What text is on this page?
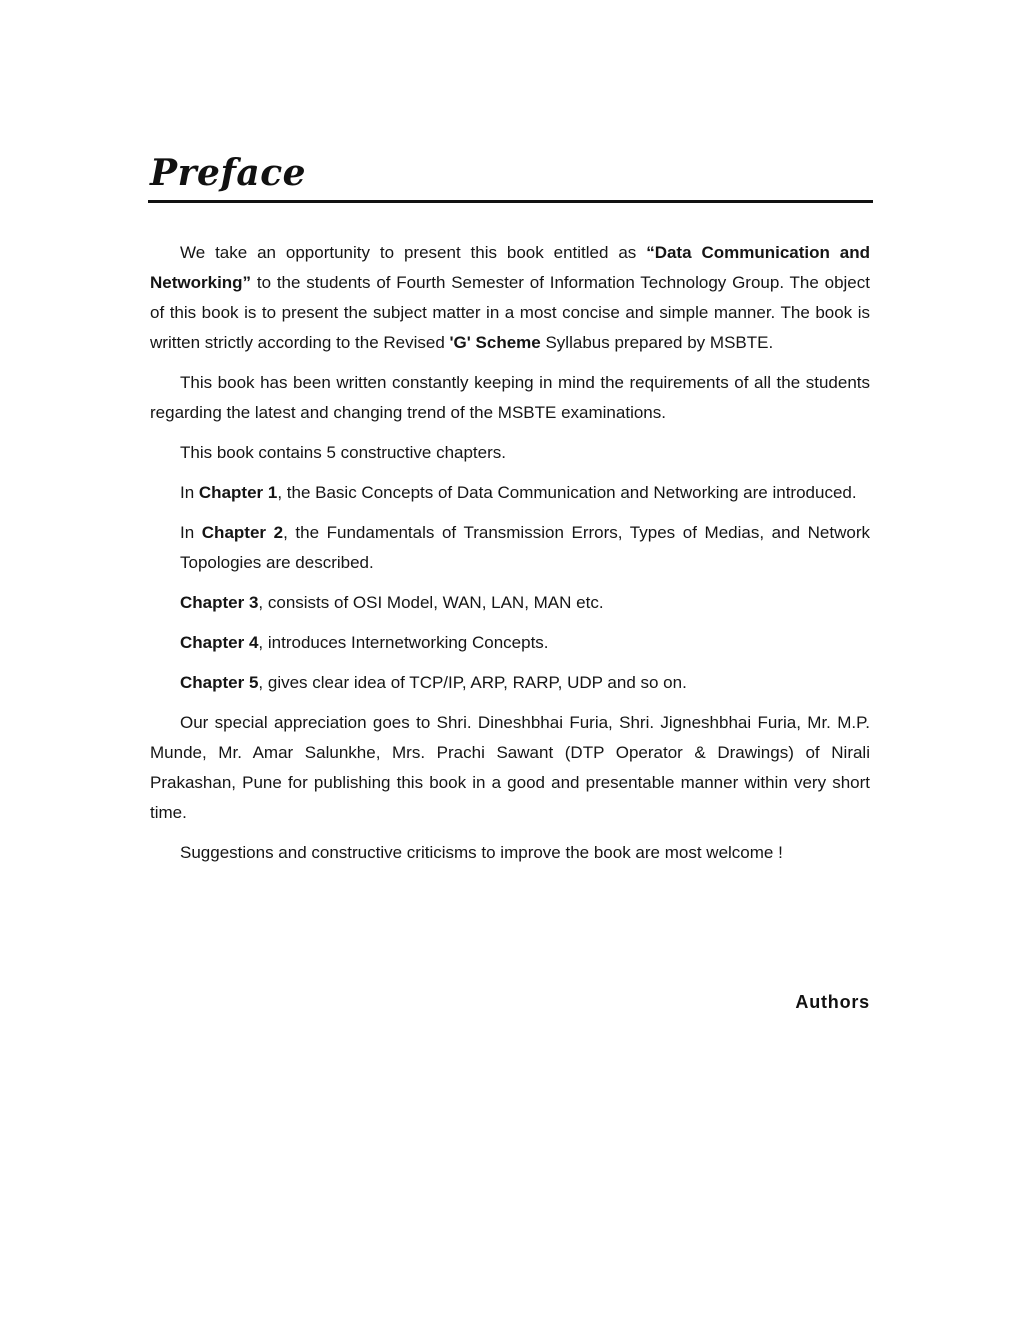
Preface

We take an opportunity to present this book entitled as “Data Communication and Networking” to the students of Fourth Semester of Information Technology Group. The object of this book is to present the subject matter in a most concise and simple manner. The book is written strictly according to the Revised 'G' Scheme Syllabus prepared by MSBTE.

This book has been written constantly keeping in mind the requirements of all the students regarding the latest and changing trend of the MSBTE examinations.

This book contains 5 constructive chapters.

In Chapter 1, the Basic Concepts of Data Communication and Networking are introduced.

In Chapter 2, the Fundamentals of Transmission Errors, Types of Medias, and Network Topologies are described.

Chapter 3, consists of OSI Model, WAN, LAN, MAN etc.

Chapter 4, introduces Internetworking Concepts.

Chapter 5, gives clear idea of TCP/IP, ARP, RARP, UDP and so on.

Our special appreciation goes to Shri. Dineshbhai Furia, Shri. Jigneshbhai Furia, Mr. M.P. Munde, Mr. Amar Salunkhe, Mrs. Prachi Sawant (DTP Operator & Drawings) of Nirali Prakashan, Pune for publishing this book in a good and presentable manner within very short time.

Suggestions and constructive criticisms to improve the book are most welcome !

Authors
